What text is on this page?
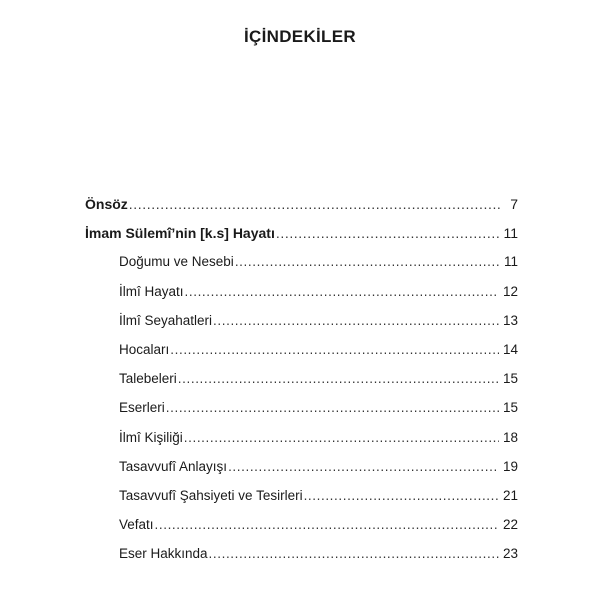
İÇİNDEKİLER
Önsöz .....	7
İmam Sülemî’nin [k.s] Hayatı .....	11
Doğumu ve Nesebi .....	11
İlmî Hayatı .....	12
İlmî Seyahatleri .....	13
Hocaları .....	14
Talebeleri .....	15
Eserleri .....	15
İlmî Kişiliği .....	18
Tasavvufî Anlayışı .....	19
Tasavvufî Şahsiyeti ve Tesirleri .....	21
Vefatı .....	22
Eser Hakkında .....	23
